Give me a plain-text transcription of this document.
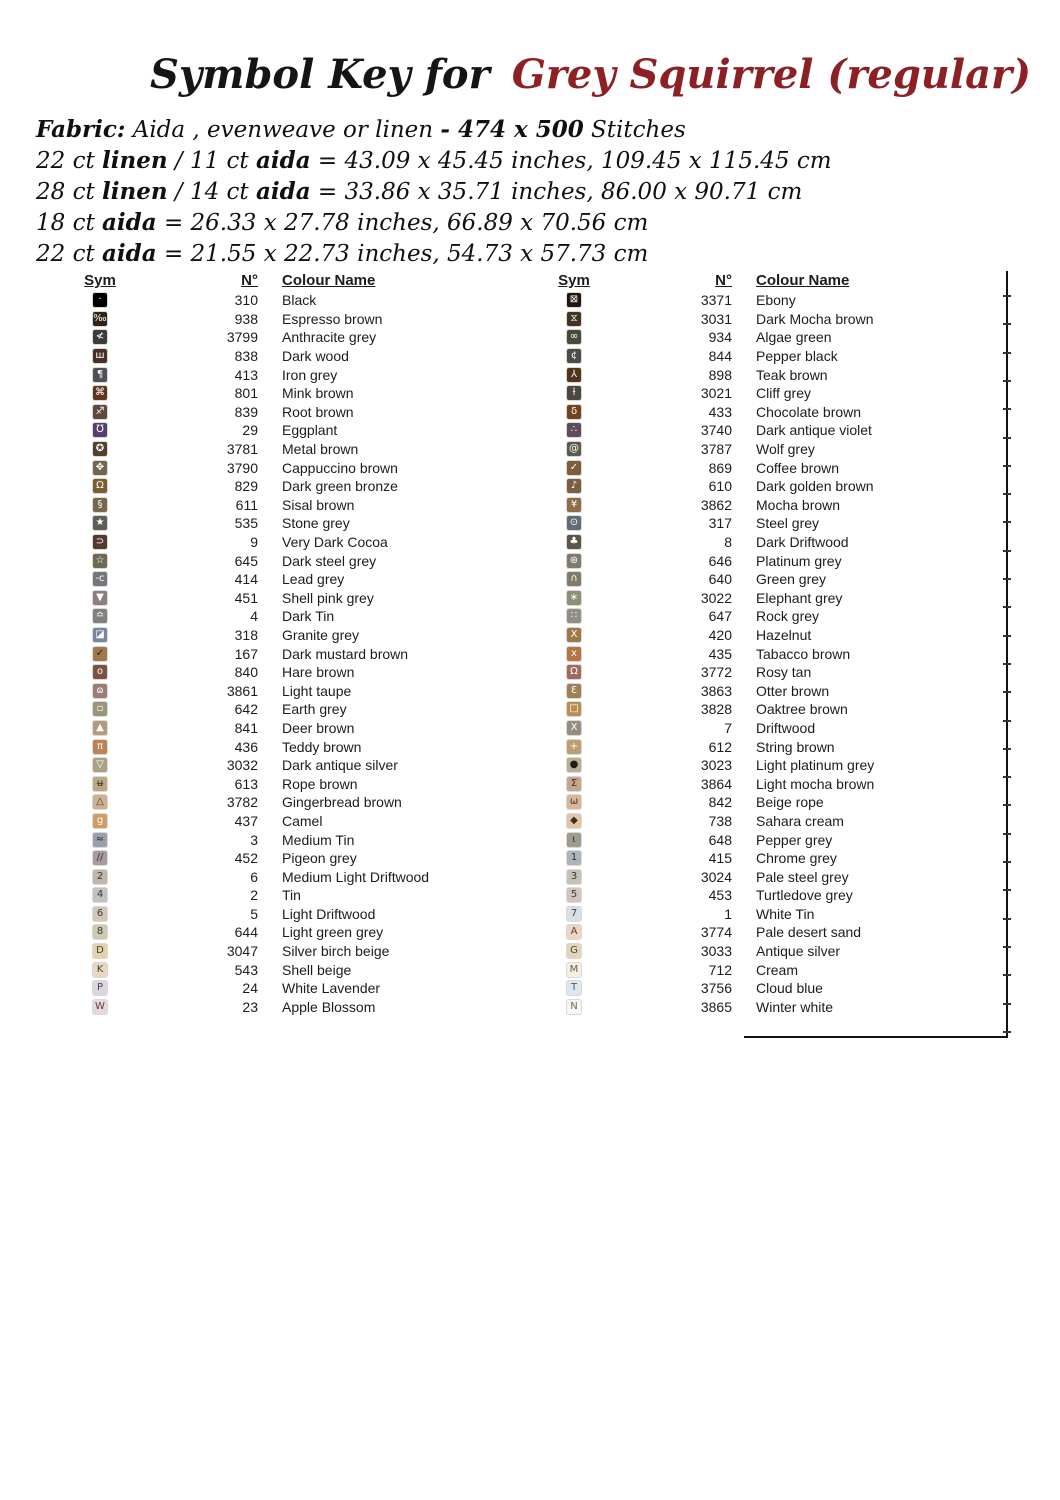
Symbol Key for Grey Squirrel (regular)
Fabric: Aida , evenweave or linen - 474 x 500 Stitches
22 ct linen / 11 ct aida = 43.09 x 45.45 inches, 109.45 x 115.45 cm
28 ct linen / 14 ct aida = 33.86 x 35.71 inches, 86.00 x 90.71 cm
18 ct aida = 26.33 x 27.78 inches, 66.89 x 70.56 cm
22 ct aida = 21.55 x 22.73 inches, 54.73 x 57.73 cm
Sym	N°	Colour Name
·	310	Black
‰	938	Espresso brown
≮	3799	Anthracite grey
ш	838	Dark wood
¶	413	Iron grey
⌘	801	Mink brown
♐	839	Root brown
℧	29	Eggplant
✪	3781	Metal brown
✥	3790	Cappuccino brown
Ω	829	Dark green bronze
§	611	Sisal brown
★	535	Stone grey
⊃	9	Very Dark Cocoa
☆	645	Dark steel grey
-c	414	Lead grey
▼	451	Shell pink grey
≏	4	Dark Tin
◪	318	Granite grey
✓	167	Dark mustard brown
o	840	Hare brown
ɷ	3861	Light taupe
▫	642	Earth grey
▲	841	Deer brown
π	436	Teddy brown
▽	3032	Dark antique silver
ʉ	613	Rope brown
△	3782	Gingerbread brown
g	437	Camel
≈	3	Medium Tin
//	452	Pigeon grey
2	6	Medium Light Driftwood
4	2	Tin
6	5	Light Driftwood
8	644	Light green grey
D	3047	Silver birch beige
K	543	Shell beige
P	24	White Lavender
W	23	Apple Blossom
Sym	N°	Colour Name
⊠	3371	Ebony
⧖	3031	Dark Mocha brown
∞	934	Algae green
¢	844	Pepper black
⅄	898	Teak brown
ƚ	3021	Cliff grey
δ	433	Chocolate brown
∴	3740	Dark antique violet
@	3787	Wolf grey
✓	869	Coffee brown
♪	610	Dark golden brown
¥	3862	Mocha brown
⊙	317	Steel grey
♣	8	Dark Driftwood
⊛	646	Platinum grey
∩	640	Green grey
∗	3022	Elephant grey
∷	647	Rock grey
Ⅹ	420	Hazelnut
x	435	Tabacco brown
Ω	3772	Rosy tan
Ɛ	3863	Otter brown
□	3828	Oaktree brown
Ⅹ	7	Driftwood
+	612	String brown
●	3023	Light platinum grey
Σ	3864	Light mocha brown
ω	842	Beige rope
◆	738	Sahara cream
ɩ	648	Pepper grey
1	415	Chrome grey
3	3024	Pale steel grey
5	453	Turtledove grey
7	1	White Tin
A	3774	Pale desert sand
G	3033	Antique silver
M	712	Cream
T	3756	Cloud blue
N	3865	Winter white
